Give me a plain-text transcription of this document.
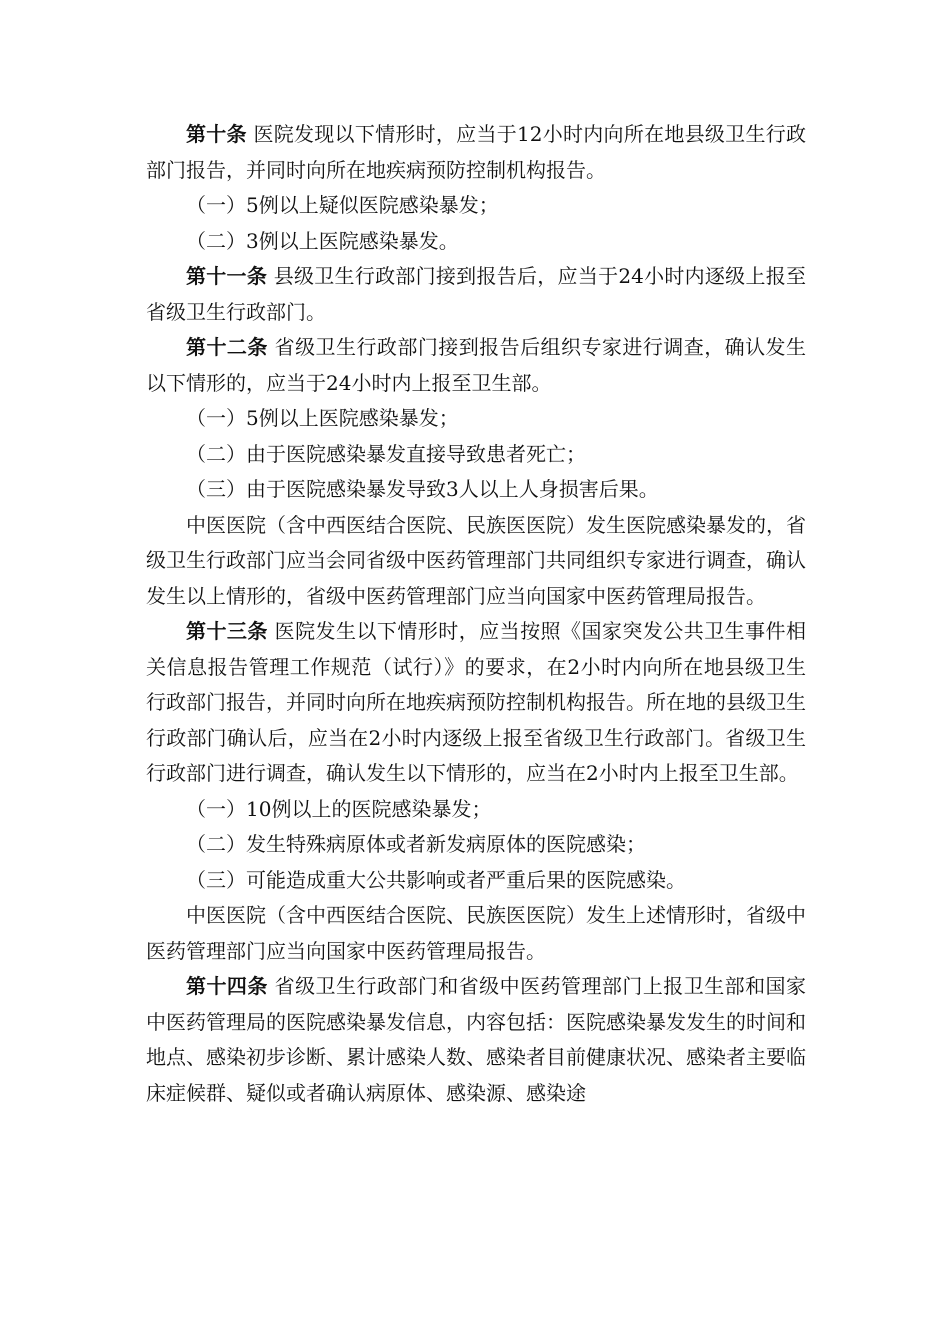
第十条 医院发现以下情形时，应当于12小时内向所在地县级卫生行政部门报告，并同时向所在地疾病预防控制机构报告。

（一）5例以上疑似医院感染暴发；

（二）3例以上医院感染暴发。

第十一条 县级卫生行政部门接到报告后，应当于24小时内逐级上报至省级卫生行政部门。

第十二条 省级卫生行政部门接到报告后组织专家进行调查，确认发生以下情形的，应当于24小时内上报至卫生部。

（一）5例以上医院感染暴发；

（二）由于医院感染暴发直接导致患者死亡；

（三）由于医院感染暴发导致3人以上人身损害后果。

中医医院（含中西医结合医院、民族医医院）发生医院感染暴发的，省级卫生行政部门应当会同省级中医药管理部门共同组织专家进行调查，确认发生以上情形的，省级中医药管理部门应当向国家中医药管理局报告。

第十三条 医院发生以下情形时，应当按照《国家突发公共卫生事件相关信息报告管理工作规范（试行）》的要求，在2小时内向所在地县级卫生行政部门报告，并同时向所在地疾病预防控制机构报告。所在地的县级卫生行政部门确认后，应当在2小时内逐级上报至省级卫生行政部门。省级卫生行政部门进行调查，确认发生以下情形的，应当在2小时内上报至卫生部。

（一）10例以上的医院感染暴发；

（二）发生特殊病原体或者新发病原体的医院感染；

（三）可能造成重大公共影响或者严重后果的医院感染。

中医医院（含中西医结合医院、民族医医院）发生上述情形时，省级中医药管理部门应当向国家中医药管理局报告。

第十四条 省级卫生行政部门和省级中医药管理部门上报卫生部和国家中医药管理局的医院感染暴发信息，内容包括：医院感染暴发发生的时间和地点、感染初步诊断、累计感染人数、感染者目前健康状况、感染者主要临床症候群、疑似或者确认病原体、感染源、感染途
